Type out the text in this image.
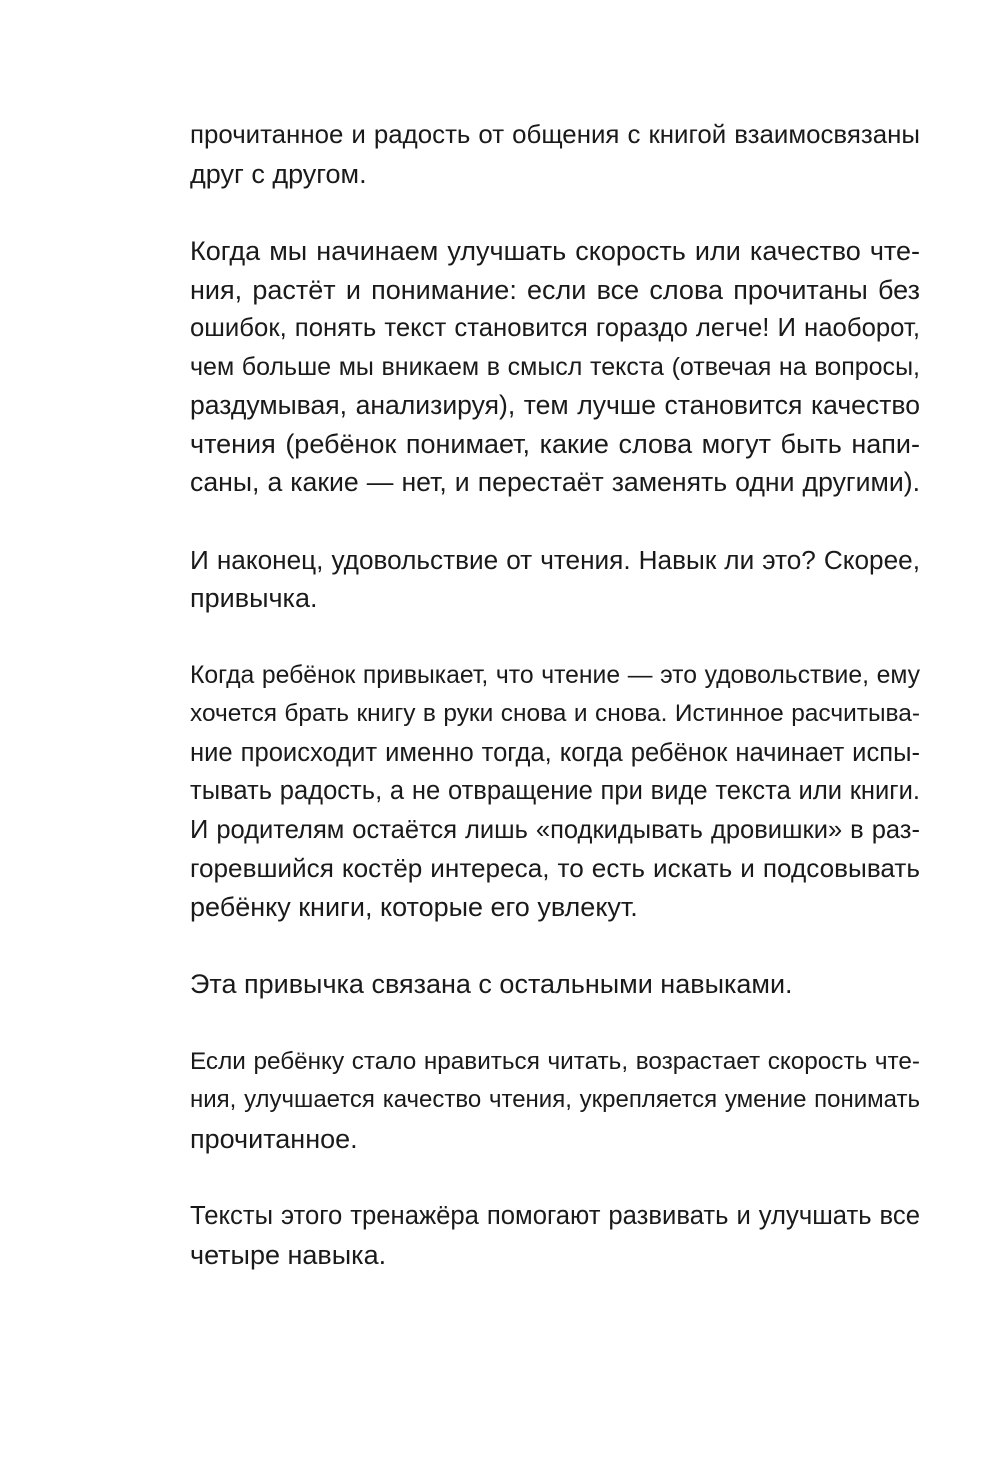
прочитанное и радость от общения с книгой взаимосвязаны
друг с другом.

Когда мы начинаем улучшать скорость или качество чте-
ния, растёт и понимание: если все слова прочитаны без
ошибок, понять текст становится гораздо легче! И наоборот,
чем больше мы вникаем в смысл текста (отвечая на вопросы,
раздумывая, анализируя), тем лучше становится качество
чтения (ребёнок понимает, какие слова могут быть напи-
саны, а какие — нет, и перестаёт заменять одни другими).

И наконец, удовольствие от чтения. Навык ли это? Скорее,
привычка.

Когда ребёнок привыкает, что чтение — это удовольствие, ему
хочется брать книгу в руки снова и снова. Истинное расчитыва-
ние происходит именно тогда, когда ребёнок начинает испы-
тывать радость, а не отвращение при виде текста или книги.
И родителям остаётся лишь «подкидывать дровишки» в раз-
горевшийся костёр интереса, то есть искать и подсовывать
ребёнку книги, которые его увлекут.

Эта привычка связана с остальными навыками.

Если ребёнку стало нравиться читать, возрастает скорость чте-
ния, улучшается качество чтения, укрепляется умение понимать
прочитанное.

Тексты этого тренажёра помогают развивать и улучшать все
четыре навыка.
